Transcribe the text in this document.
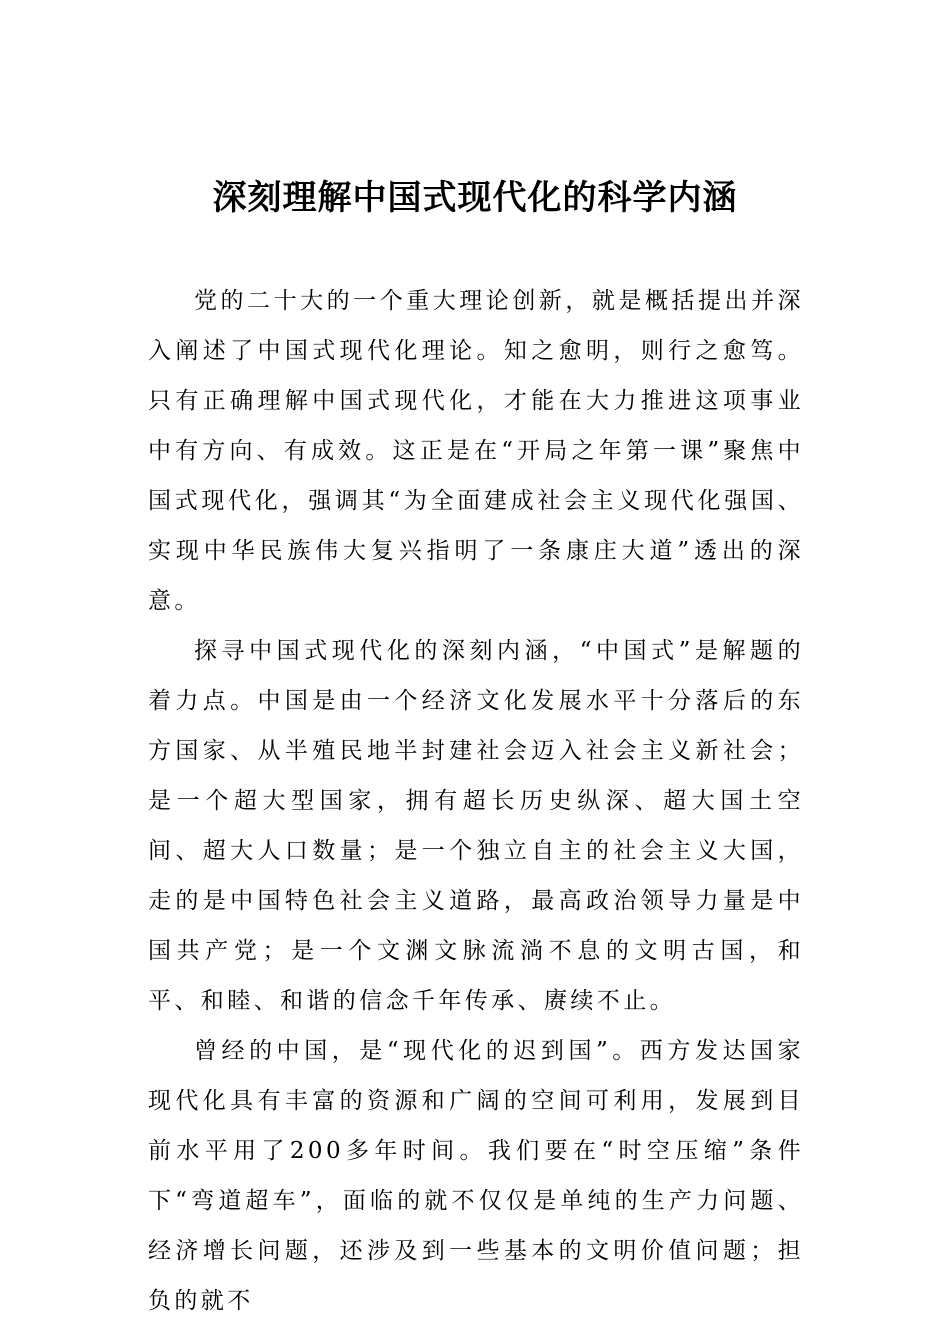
深刻理解中国式现代化的科学内涵

党的二十大的一个重大理论创新，就是概括提出并深入阐述了中国式现代化理论。知之愈明，则行之愈笃。只有正确理解中国式现代化，才能在大力推进这项事业中有方向、有成效。这正是在“开局之年第一课”聚焦中国式现代化，强调其“为全面建成社会主义现代化强国、实现中华民族伟大复兴指明了一条康庄大道”透出的深意。

探寻中国式现代化的深刻内涵，“中国式”是解题的着力点。中国是由一个经济文化发展水平十分落后的东方国家、从半殖民地半封建社会迈入社会主义新社会；是一个超大型国家，拥有超长历史纵深、超大国土空间、超大人口数量；是一个独立自主的社会主义大国，走的是中国特色社会主义道路，最高政治领导力量是中国共产党；是一个文渊文脉流淌不息的文明古国，和平、和睦、和谐的信念千年传承、赓续不止。

曾经的中国，是“现代化的迟到国”。西方发达国家现代化具有丰富的资源和广阔的空间可利用，发展到目前水平用了200多年时间。我们要在“时空压缩”条件下“弯道超车”，面临的就不仅仅是单纯的生产力问题、经济增长问题，还涉及到一些基本的文明价值问题；担负的就不
